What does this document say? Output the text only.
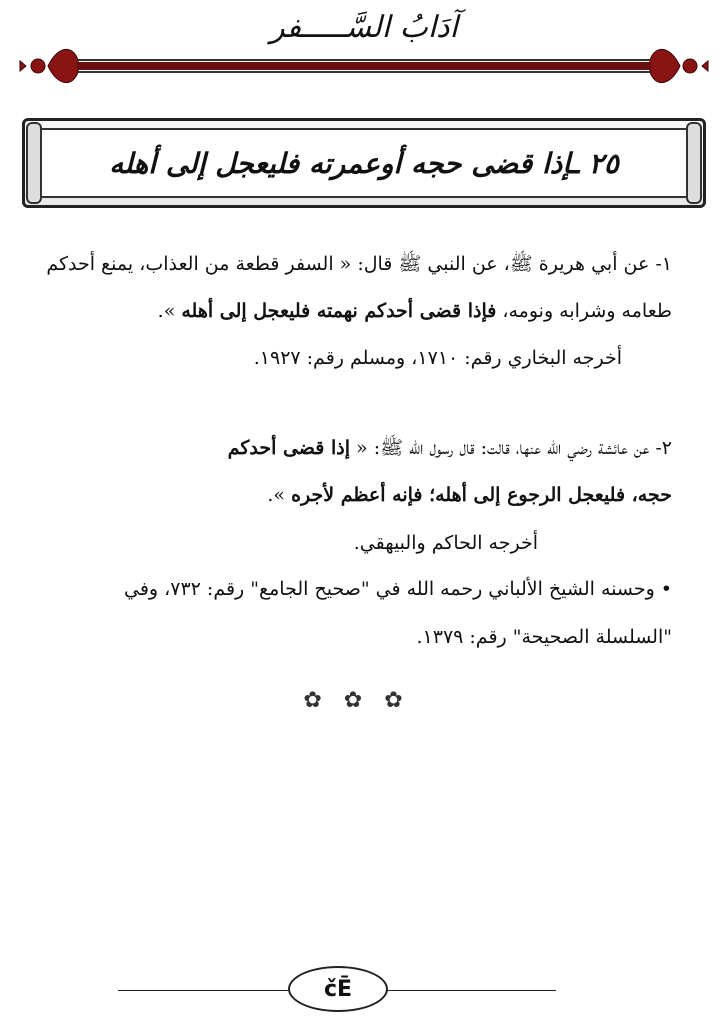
آدَابُ السَّـــــفر
٢٥ ـإذا قضى حجه أوعمرته فليعجل إلى أهله
١- عن أبي هريرة ﷺ، عن النبي ﷺ قال: « السفر قطعة من العذاب، يمنع أحدكم
طعامه وشرابه ونومه، فإذا قضى أحدكم نهمته فليعجل إلى أهله ».
أخرجه البخاري رقم: ١٧١٠، ومسلم رقم: ١٩٢٧.
٢- عن عائشة رضي الله عنها، قالت: قال رسول الله ﷺ: « إذا قضى أحدكم
حجه، فليعجل الرجوع إلى أهله؛ فإنه أعظم لأجره ».
أخرجه الحاكم والبيهقي.
• وحسنه الشيخ الألباني رحمه الله في "صحيح الجامع" رقم: ٧٣٢، وفي
"السلسلة الصحيحة" رقم: ١٣٧٩.
✿✿✿
čĒ
